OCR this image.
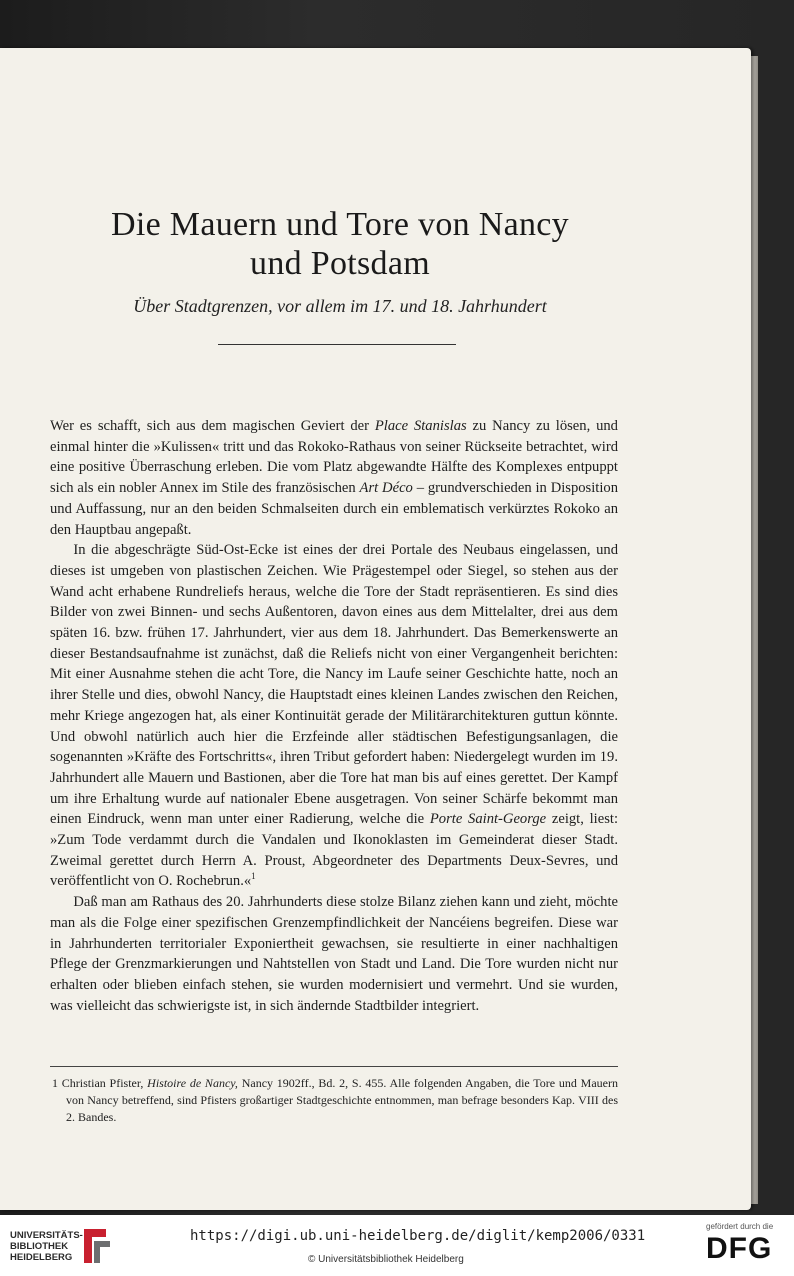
Die Mauern und Tore von Nancy
und Potsdam
Über Stadtgrenzen, vor allem im 17. und 18. Jahrhundert

Wer es schafft, sich aus dem magischen Geviert der Place Stanislas zu Nancy zu lösen, und einmal hinter die »Kulissen« tritt und das Rokoko-Rathaus von seiner Rückseite betrachtet, wird eine positive Überraschung erleben. Die vom Platz abgewandte Hälfte des Komplexes entpuppt sich als ein nobler Annex im Stile des französischen Art Déco – grundverschieden in Disposition und Auffassung, nur an den beiden Schmalseiten durch ein emblematisch verkürztes Rokoko an den Hauptbau angepaßt.

In die abgeschrägte Süd-Ost-Ecke ist eines der drei Portale des Neubaus eingelassen, und dieses ist umgeben von plastischen Zeichen. Wie Prägestempel oder Siegel, so stehen aus der Wand acht erhabene Rundreliefs heraus, welche die Tore der Stadt repräsentieren. Es sind dies Bilder von zwei Binnen- und sechs Außentoren, davon eines aus dem Mittelalter, drei aus dem späten 16. bzw. frühen 17. Jahrhundert, vier aus dem 18. Jahrhundert. Das Bemerkenswerte an dieser Bestandsaufnahme ist zunächst, daß die Reliefs nicht von einer Vergangenheit berichten: Mit einer Ausnahme stehen die acht Tore, die Nancy im Laufe seiner Geschichte hatte, noch an ihrer Stelle und dies, obwohl Nancy, die Hauptstadt eines kleinen Landes zwischen den Reichen, mehr Kriege angezogen hat, als einer Kontinuität gerade der Militärarchitekturen guttun könnte. Und obwohl natürlich auch hier die Erzfeinde aller städtischen Befestigungsanlagen, die sogenannten »Kräfte des Fortschritts«, ihren Tribut gefordert haben: Niedergelegt wurden im 19. Jahrhundert alle Mauern und Bastionen, aber die Tore hat man bis auf eines gerettet. Der Kampf um ihre Erhaltung wurde auf nationaler Ebene ausgetragen. Von seiner Schärfe bekommt man einen Eindruck, wenn man unter einer Radierung, welche die Porte Saint-George zeigt, liest: »Zum Tode verdammt durch die Vandalen und Ikonoklasten im Gemeinderat dieser Stadt. Zweimal gerettet durch Herrn A. Proust, Abgeordneter des Departments Deux-Sevres, und veröffentlicht von O. Rochebrun.«$^1$

Daß man am Rathaus des 20. Jahrhunderts diese stolze Bilanz ziehen kann und zieht, möchte man als die Folge einer spezifischen Grenzempfindlichkeit der Nancéiens begreifen. Diese war in Jahrhunderten territorialer Exponiertheit gewachsen, sie resultierte in einer nachhaltigen Pflege der Grenzmarkierungen und Nahtstellen von Stadt und Land. Die Tore wurden nicht nur erhalten oder blieben einfach stehen, sie wurden modernisiert und vermehrt. Und sie wurden, was vielleicht das schwierigste ist, in sich ändernde Stadtbilder integriert.

1 Christian Pfister, Histoire de Nancy, Nancy 1902ff., Bd. 2, S. 455. Alle folgenden Angaben, die Tore und Mauern von Nancy betreffend, sind Pfisters großartiger Stadtgeschichte entnommen, man befrage besonders Kap. VIII des 2. Bandes.

UNIVERSITÄTS-
BIBLIOTHEK
HEIDELBERG
https://digi.ub.uni-heidelberg.de/diglit/kemp2006/0331
© Universitätsbibliothek Heidelberg
gefördert durch die
DFG
